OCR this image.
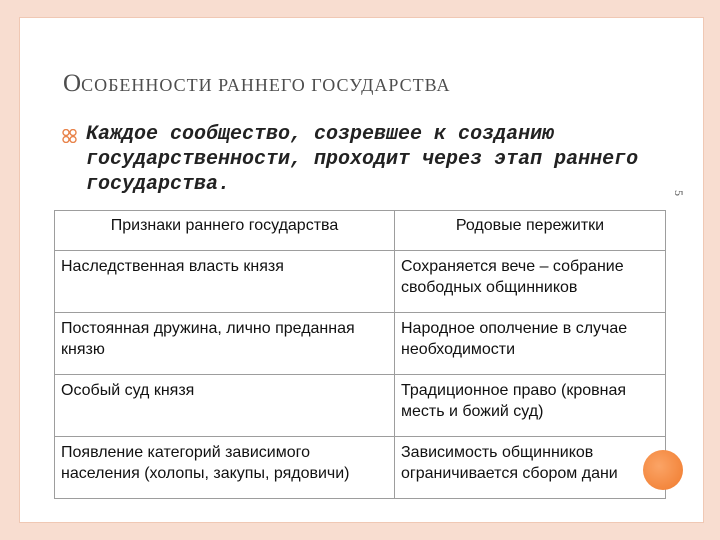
ОСОБЕННОСТИ РАННЕГО ГОСУДАРСТВА

Каждое сообщество, созревшее к созданию государственности, проходит через этап раннего государства.	5
Признаки раннего государства	Родовые пережитки
Наследственная власть князя	Сохраняется вече – собрание свободных общинников
Постоянная дружина, лично преданная князю	Народное ополчение в случае необходимости
Особый суд князя	Традиционное право (кровная месть и божий суд)
Появление категорий зависимого населения (холопы, закупы, рядовичи)	Зависимость общинников ограничивается сбором дани
